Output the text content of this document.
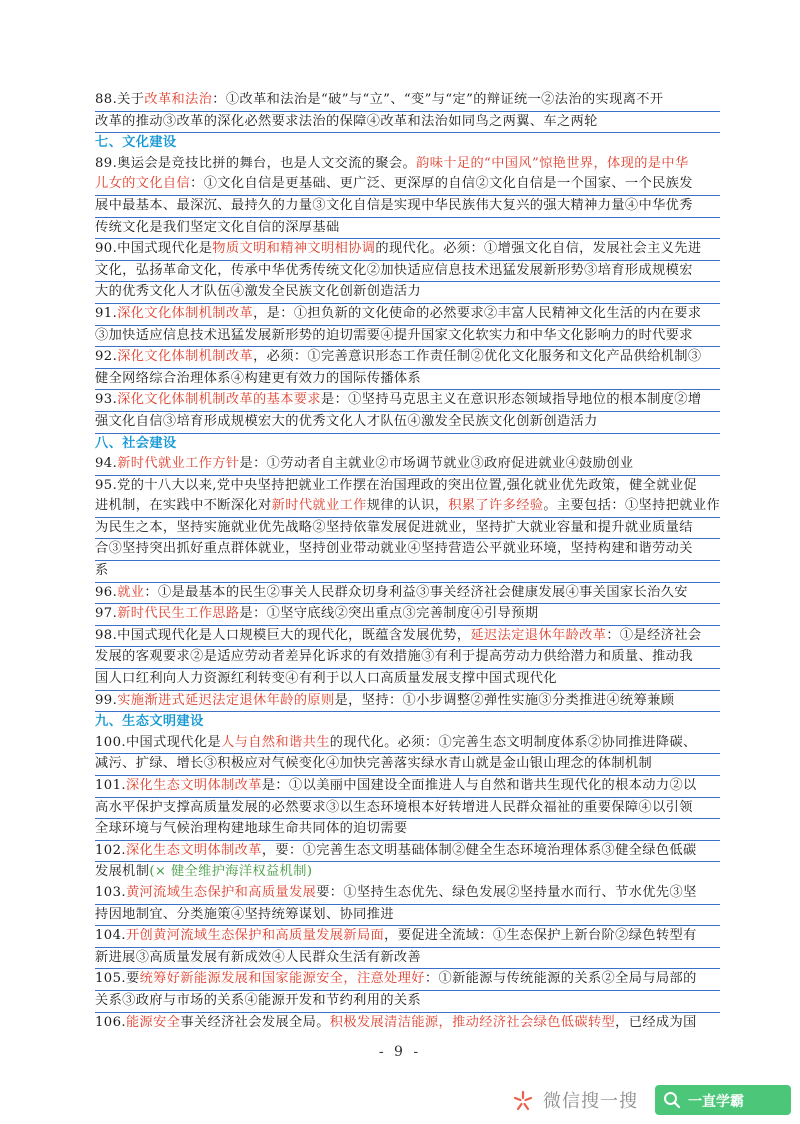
88.关于改革和法治：①改革和法治是“破”与“立”、“变”与“定”的辩证统一②法治的实现离不开
改革的推动③改革的深化必然要求法治的保障④改革和法治如同鸟之两翼、车之两轮
七、文化建设
89.奥运会是竞技比拼的舞台，也是人文交流的聚会。韵味十足的“中国风”惊艳世界，体现的是中华
儿女的文化自信：①文化自信是更基础、更广泛、更深厚的自信②文化自信是一个国家、一个民族发
展中最基本、最深沉、最持久的力量③文化自信是实现中华民族伟大复兴的强大精神力量④中华优秀
传统文化是我们坚定文化自信的深厚基础
90.中国式现代化是物质文明和精神文明相协调的现代化。必须：①增强文化自信，发展社会主义先进
文化，弘扬革命文化，传承中华优秀传统文化②加快适应信息技术迅猛发展新形势③培育形成规模宏
大的优秀文化人才队伍④激发全民族文化创新创造活力
91.深化文化体制机制改革，是：①担负新的文化使命的必然要求②丰富人民精神文化生活的内在要求
③加快适应信息技术迅猛发展新形势的迫切需要④提升国家文化软实力和中华文化影响力的时代要求
92.深化文化体制机制改革，必须：①完善意识形态工作责任制②优化文化服务和文化产品供给机制③
健全网络综合治理体系④构建更有效力的国际传播体系
93.深化文化体制机制改革的基本要求是：①坚持马克思主义在意识形态领域指导地位的根本制度②增
强文化自信③培育形成规模宏大的优秀文化人才队伍④激发全民族文化创新创造活力
八、社会建设
94.新时代就业工作方针是：①劳动者自主就业②市场调节就业③政府促进就业④鼓励创业
95.党的十八大以来,党中央坚持把就业工作摆在治国理政的突出位置,强化就业优先政策，健全就业促
进机制，在实践中不断深化对新时代就业工作规律的认识，积累了许多经验。主要包括：①坚持把就业作
为民生之本，坚持实施就业优先战略②坚持依靠发展促进就业，坚持扩大就业容量和提升就业质量结
合③坚持突出抓好重点群体就业，坚持创业带动就业④坚持营造公平就业环境，坚持构建和谐劳动关
系
96.就业：①是最基本的民生②事关人民群众切身利益③事关经济社会健康发展④事关国家长治久安
97.新时代民生工作思路是：①坚守底线②突出重点③完善制度④引导预期
98.中国式现代化是人口规模巨大的现代化，既蕴含发展优势，延迟法定退休年龄改革：①是经济社会
发展的客观要求②是适应劳动者差异化诉求的有效措施③有利于提高劳动力供给潜力和质量、推动我
国人口红利向人力资源红利转变④有利于以人口高质量发展支撑中国式现代化
99.实施渐进式延迟法定退休年龄的原则是，坚持：①小步调整②弹性实施③分类推进④统筹兼顾
九、生态文明建设
100.中国式现代化是人与自然和谐共生的现代化。必须：①完善生态文明制度体系②协同推进降碳、
减污、扩绿、增长③积极应对气候变化④加快完善落实绿水青山就是金山银山理念的体制机制
101.深化生态文明体制改革是：①以美丽中国建设全面推进人与自然和谐共生现代化的根本动力②以
高水平保护支撑高质量发展的必然要求③以生态环境根本好转增进人民群众福祉的重要保障④以引领
全球环境与气候治理构建地球生命共同体的迫切需要
102.深化生态文明体制改革，要：①完善生态文明基础体制②健全生态环境治理体系③健全绿色低碳
发展机制(× 健全维护海洋权益机制)
103.黄河流域生态保护和高质量发展要：①坚持生态优先、绿色发展②坚持量水而行、节水优先③坚
持因地制宜、分类施策④坚持统筹谋划、协同推进
104.开创黄河流域生态保护和高质量发展新局面，要促进全流域：①生态保护上新台阶②绿色转型有
新进展③高质量发展有新成效④人民群众生活有新改善
105.要统筹好新能源发展和国家能源安全，注意处理好：①新能源与传统能源的关系②全局与局部的
关系③政府与市场的关系④能源开发和节约利用的关系
106.能源安全事关经济社会发展全局。积极发展清洁能源，推动经济社会绿色低碳转型，已经成为国
- 9 -
微信搜一搜	一直学霸
